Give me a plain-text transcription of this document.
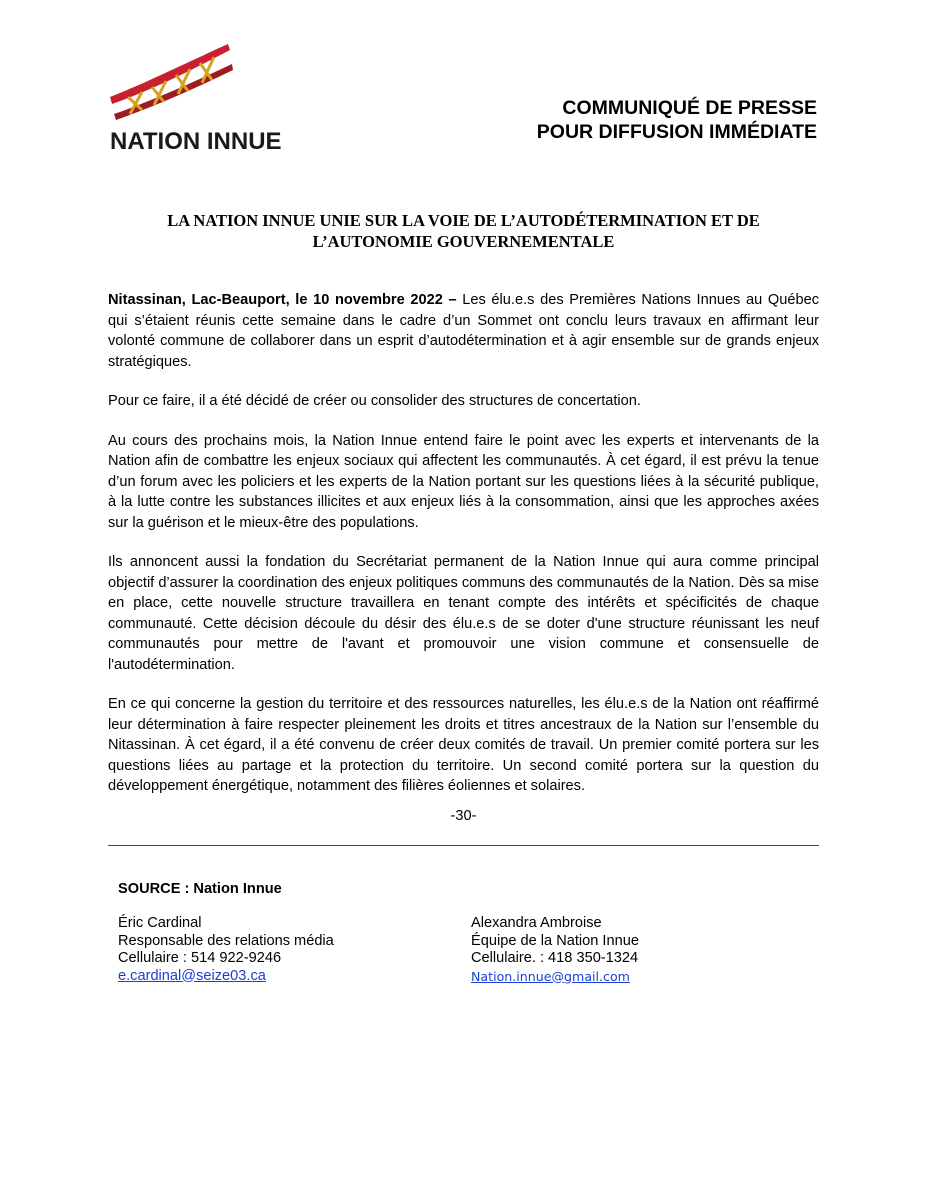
NATION INNUE
COMMUNIQUÉ DE PRESSE
POUR DIFFUSION IMMÉDIATE
LA NATION INNUE UNIE SUR LA VOIE DE L’AUTODÉTERMINATION ET DE
L’AUTONOMIE GOUVERNEMENTALE

Nitassinan, Lac-Beauport, le 10 novembre 2022 – Les élu.e.s des Premières Nations Innues au Québec qui s’étaient réunis cette semaine dans le cadre d’un Sommet ont conclu leurs travaux en affirmant leur volonté commune de collaborer dans un esprit d’autodétermination et à agir ensemble sur de grands enjeux stratégiques.

Pour ce faire, il a été décidé de créer ou consolider des structures de concertation.

Au cours des prochains mois, la Nation Innue entend faire le point avec les experts et intervenants de la Nation afin de combattre les enjeux sociaux qui affectent les communautés. À cet égard, il est prévu la tenue d’un forum avec les policiers et les experts de la Nation portant sur les questions liées à la sécurité publique, à la lutte contre les substances illicites et aux enjeux liés à la consommation, ainsi que les approches axées sur la guérison et le mieux-être des populations.

Ils annoncent aussi la fondation du Secrétariat permanent de la Nation Innue qui aura comme principal objectif d’assurer la coordination des enjeux politiques communs des communautés de la Nation. Dès sa mise en place, cette nouvelle structure travaillera en tenant compte des intérêts et spécificités de chaque communauté. Cette décision découle du désir des élu.e.s de se doter d'une structure réunissant les neuf communautés pour mettre de l'avant et promouvoir une vision commune et consensuelle de l'autodétermination.

En ce qui concerne la gestion du territoire et des ressources naturelles, les élu.e.s de la Nation ont réaffirmé leur détermination à faire respecter pleinement les droits et titres ancestraux de la Nation sur l’ensemble du Nitassinan. À cet égard, il a été convenu de créer deux comités de travail. Un premier comité portera sur les questions liées au partage et la protection du territoire. Un second comité portera sur la question du développement énergétique, notamment des filières éoliennes et solaires.

-30-
SOURCE : Nation Innue
Éric Cardinal
Responsable des relations média
Cellulaire : 514 922-9246
e.cardinal@seize03.ca
Alexandra Ambroise
Équipe de la Nation Innue
Cellulaire. : 418 350-1324
Nation.innue@gmail.com
